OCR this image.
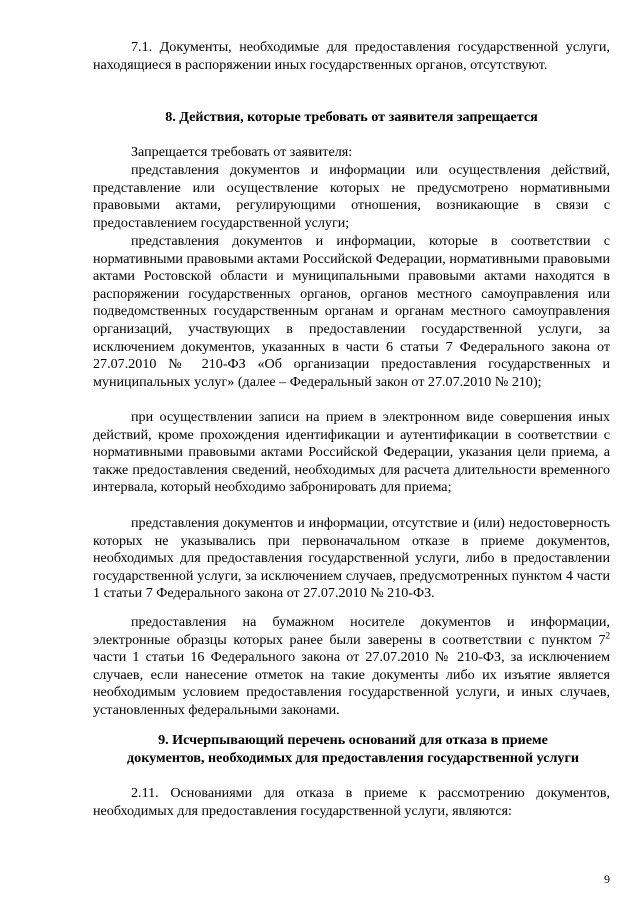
7.1. Документы, необходимые для предоставления государственной услуги, находящиеся в распоряжении иных государственных органов, отсутствуют.

8. Действия, которые требовать от заявителя запрещается

Запрещается требовать от заявителя:

представления документов и информации или осуществления действий, представление или осуществление которых не предусмотрено нормативными правовыми актами, регулирующими отношения, возникающие в связи с предоставлением государственной услуги;

представления документов и информации, которые в соответствии с нормативными правовыми актами Российской Федерации, нормативными правовыми актами Ростовской области и муниципальными правовыми актами находятся в распоряжении государственных органов, органов местного самоуправления или подведомственных государственным органам и органам местного самоуправления организаций, участвующих в предоставлении государственной услуги, за исключением документов, указанных в части 6 статьи 7 Федерального закона от 27.07.2010 № 210-ФЗ «Об организации предоставления государственных и муниципальных услуг» (далее – Федеральный закон от 27.07.2010 № 210);

при осуществлении записи на прием в электронном виде совершения иных действий, кроме прохождения идентификации и аутентификации в соответствии с нормативными правовыми актами Российской Федерации, указания цели приема, а также предоставления сведений, необходимых для расчета длительности временного интервала, который необходимо забронировать для приема;

представления документов и информации, отсутствие и (или) недостоверность которых не указывались при первоначальном отказе в приеме документов, необходимых для предоставления государственной услуги, либо в предоставлении государственной услуги, за исключением случаев, предусмотренных пунктом 4 части 1 статьи 7 Федерального закона от 27.07.2010 № 210-ФЗ.

предоставления на бумажном носителе документов и информации, электронные образцы которых ранее были заверены в соответствии с пунктом $7^2$ части 1 статьи 16 Федерального закона от 27.07.2010 № 210-ФЗ, за исключением случаев, если нанесение отметок на такие документы либо их изъятие является необходимым условием предоставления государственной услуги, и иных случаев, установленных федеральными законами.

9. Исчерпывающий перечень оснований для отказа в приеме
документов, необходимых для предоставления государственной услуги

2.11. Основаниями для отказа в приеме к рассмотрению документов, необходимых для предоставления государственной услуги, являются:

9
